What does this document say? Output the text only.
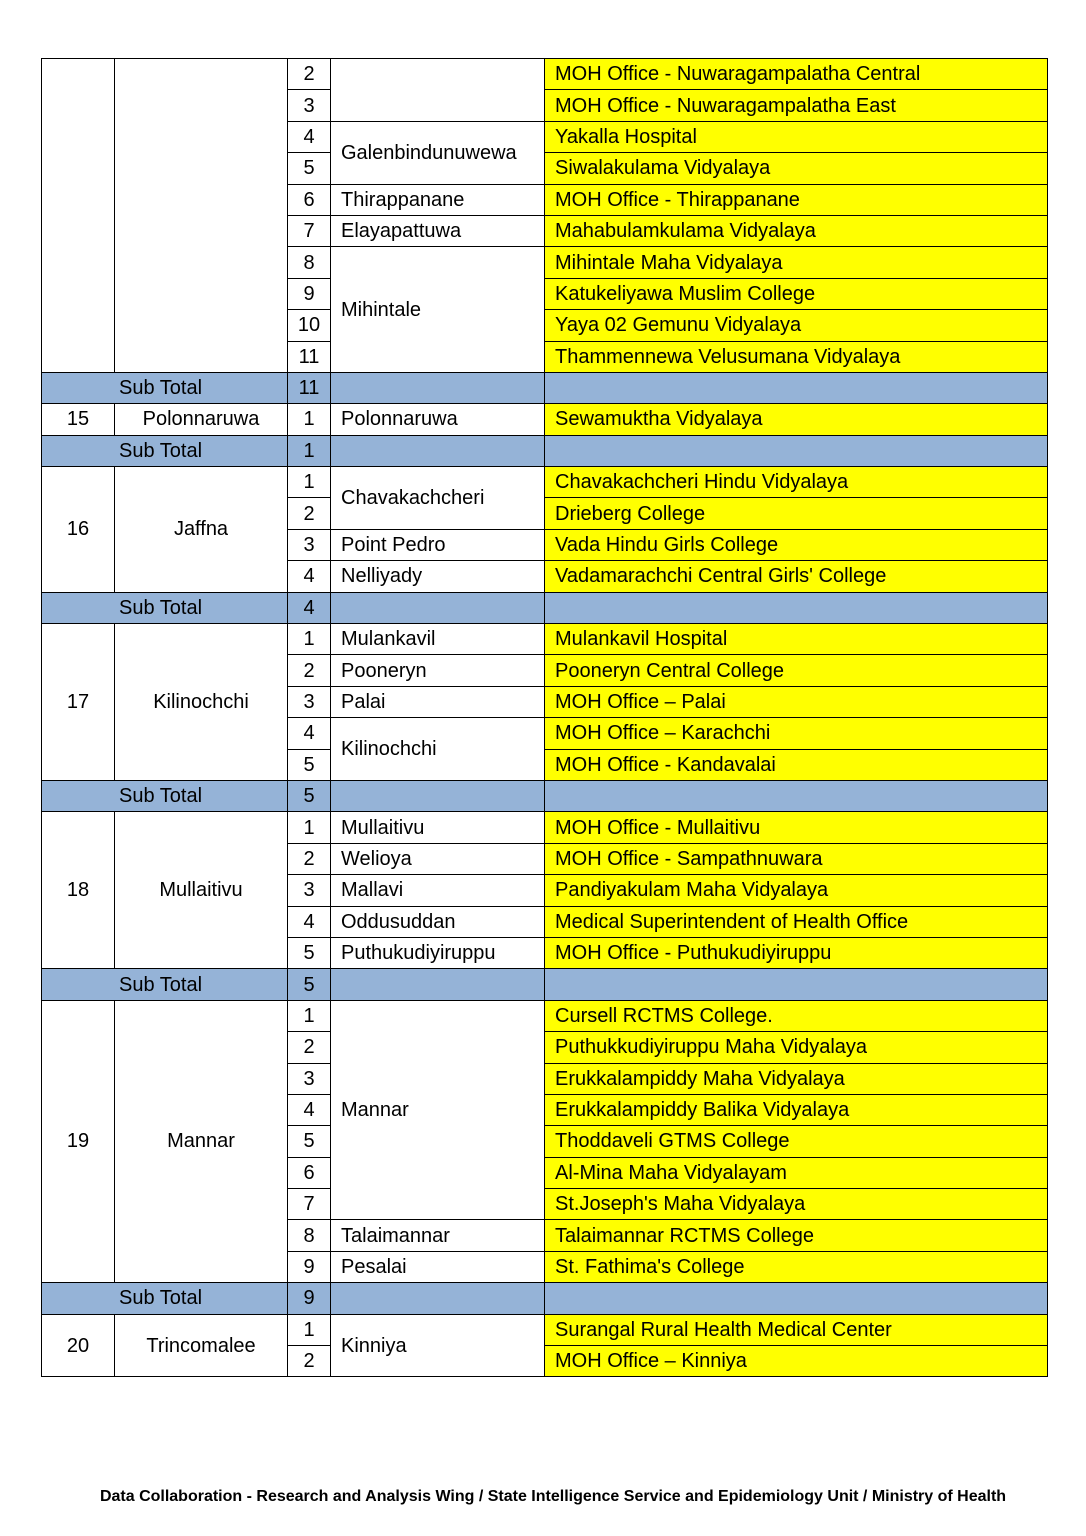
		2		MOH Office - Nuwaragampalatha Central
		3		MOH Office - Nuwaragampalatha East
		4	Galenbindunuwewa	Yakalla Hospital
		5		Siwalakulama Vidyalaya
		6	Thirappanane	MOH Office - Thirappanane
		7	Elayapattuwa	Mahabulamkulama Vidyalaya
		8	Mihintale	Mihintale Maha Vidyalaya
		9		Katukeliyawa Muslim College
		10		Yaya 02 Gemunu Vidyalaya
		11		Thammennewa Velusumana Vidyalaya
Sub Total		11		
15	Polonnaruwa	1	Polonnaruwa	Sewamuktha Vidyalaya
Sub Total		1		
16	Jaffna	1	Chavakachcheri	Chavakachcheri Hindu Vidyalaya
		2		Drieberg College
		3	Point Pedro	Vada Hindu Girls College
		4	Nelliyady	Vadamarachchi Central Girls' College
Sub Total		4		
17	Kilinochchi	1	Mulankavil	Mulankavil Hospital
		2	Pooneryn	Pooneryn Central College
		3	Palai	MOH Office – Palai
		4	Kilinochchi	MOH Office – Karachchi
		5		MOH Office - Kandavalai
Sub Total		5		
18	Mullaitivu	1	Mullaitivu	MOH Office - Mullaitivu
		2	Welioya	MOH Office - Sampathnuwara
		3	Mallavi	Pandiyakulam Maha Vidyalaya
		4	Oddusuddan	Medical Superintendent of Health Office
		5	Puthukudiyiruppu	MOH Office - Puthukudiyiruppu
Sub Total		5		
19	Mannar	1	Mannar	Cursell RCTMS College.
		2		Puthukkudiyiruppu Maha Vidyalaya
		3		Erukkalampiddy Maha Vidyalaya
		4		Erukkalampiddy Balika Vidyalaya
		5		Thoddaveli GTMS College
		6		Al-Mina Maha Vidyalayam
		7		St.Joseph's Maha Vidyalaya
		8	Talaimannar	Talaimannar RCTMS College
		9	Pesalai	St. Fathima's College
Sub Total		9		
20	Trincomalee	1	Kinniya	Surangal Rural Health Medical Center
		2		MOH Office – Kinniya
Data Collaboration - Research and Analysis Wing / State Intelligence Service and Epidemiology Unit / Ministry of Health
